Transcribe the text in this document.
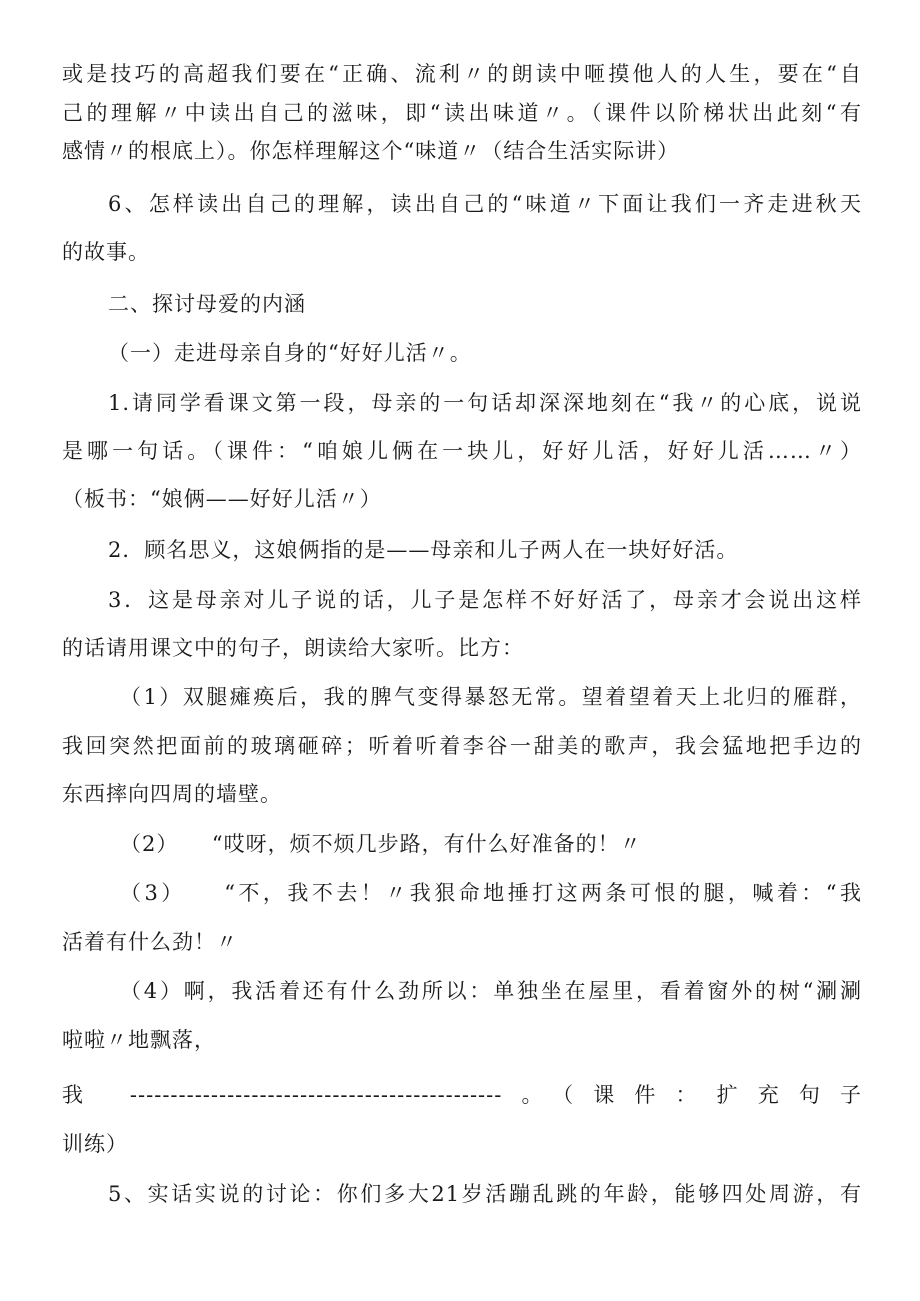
或是技巧的高超我们要在“正确、流利〃的朗读中咂摸他人的人生，要在“自
己的理解〃中读出自己的滋味，即“读出味道〃。（课件以阶梯状出此刻“有
感情〃的根底上）。你怎样理解这个“味道〃（结合生活实际讲）
6、怎样读出自己的理解，读出自己的“味道〃下面让我们一齐走进秋天
的故事。
二、探讨母爱的内涵
（一）走进母亲自身的“好好儿活〃。
1.请同学看课文第一段，母亲的一句话却深深地刻在“我〃的心底，说说
是哪一句话。（课件：“咱娘儿俩在一块儿，好好儿活，好好儿活……〃）
（板书：“娘俩——好好儿活〃）
2．顾名思义，这娘俩指的是——母亲和儿子两人在一块好好活。
3．这是母亲对儿子说的话，儿子是怎样不好好活了，母亲才会说出这样
的话请用课文中的句子，朗读给大家听。比方：
（1）双腿瘫痪后，我的脾气变得暴怒无常。望着望着天上北归的雁群，
我回突然把面前的玻璃砸碎；听着听着李谷一甜美的歌声，我会猛地把手边的
东西摔向四周的墙壁。
（2）　　“哎呀，烦不烦几步路，有什么好准备的！〃
（3）　　“不，我不去！〃我狠命地捶打这两条可恨的腿，喊着：“我
活着有什么劲！〃
（4）啊，我活着还有什么劲所以：单独坐在屋里，看着窗外的树“涮涮
啦啦〃地飘落，
我 ----------------------------------------------。（课件：扩充句子
训练）
5、实话实说的讨论：你们多大21岁活蹦乱跳的年龄，能够四处周游，有
